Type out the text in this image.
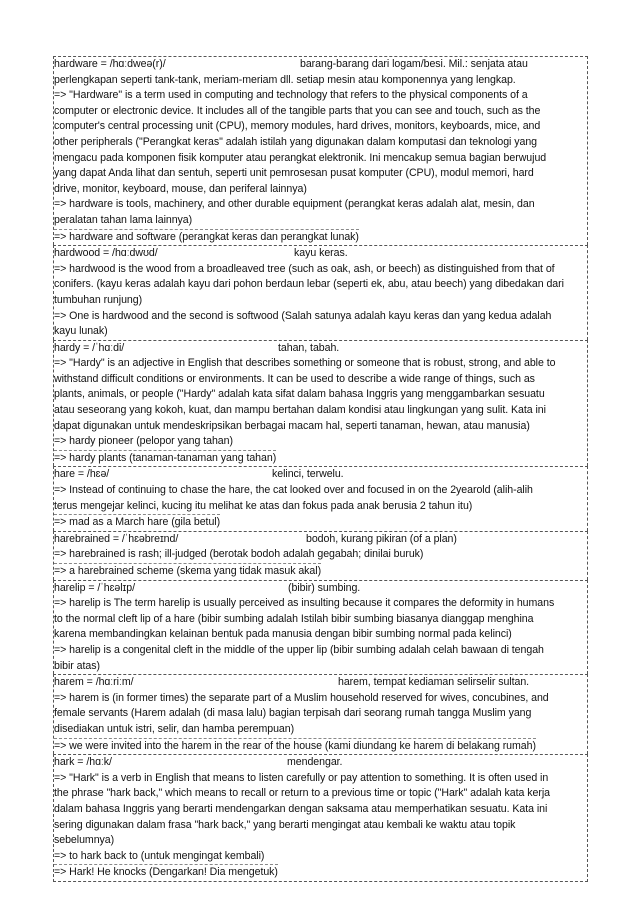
hardware = /hɑːdweə(r)/	barang-barang dari logam/besi. Mil.: senjata atau
perlengkapan seperti tank-tank, meriam-meriam dll. setiap mesin atau komponennya yang lengkap.
=> "Hardware" is a term used in computing and technology that refers to the physical components of a
computer or electronic device. It includes all of the tangible parts that you can see and touch, such as the
computer's central processing unit (CPU), memory modules, hard drives, monitors, keyboards, mice, and
other peripherals ("Perangkat keras" adalah istilah yang digunakan dalam komputasi dan teknologi yang
mengacu pada komponen fisik komputer atau perangkat elektronik. Ini mencakup semua bagian berwujud
yang dapat Anda lihat dan sentuh, seperti unit pemrosesan pusat komputer (CPU), modul memori, hard
drive, monitor, keyboard, mouse, dan periferal lainnya)
=> hardware is tools, machinery, and other durable equipment (perangkat keras adalah alat, mesin, dan
peralatan tahan lama lainnya)
=> hardware and software (perangkat keras dan perangkat lunak)
hardwood = /hɑːdwʊd/	kayu keras.
=> hardwood is the wood from a broadleaved tree (such as oak, ash, or beech) as distinguished from that of
conifers. (kayu keras adalah kayu dari pohon berdaun lebar (seperti ek, abu, atau beech) yang dibedakan dari
tumbuhan runjung)
=> One is hardwood and the second is softwood (Salah satunya adalah kayu keras dan yang kedua adalah
kayu lunak)
hardy = /ˈhɑːdi/	tahan, tabah.
=> "Hardy" is an adjective in English that describes something or someone that is robust, strong, and able to
withstand difficult conditions or environments. It can be used to describe a wide range of things, such as
plants, animals, or people ("Hardy" adalah kata sifat dalam bahasa Inggris yang menggambarkan sesuatu
atau seseorang yang kokoh, kuat, dan mampu bertahan dalam kondisi atau lingkungan yang sulit. Kata ini
dapat digunakan untuk mendeskripsikan berbagai macam hal, seperti tanaman, hewan, atau manusia)
=> hardy pioneer (pelopor yang tahan)
=> hardy plants (tanaman-tanaman yang tahan)
hare = /hɛə/	kelinci, terwelu.
=> Instead of continuing to chase the hare, the cat looked over and focused in on the 2yearold (alih-alih
terus mengejar kelinci, kucing itu melihat ke atas dan fokus pada anak berusia 2 tahun itu)
=> mad as a March hare (gila betul)
harebrained = /ˈhɛəbreɪnd/	bodoh, kurang pikiran (of a plan)
=> harebrained is rash; ill-judged (berotak bodoh adalah gegabah; dinilai buruk)
=> a harebrained scheme (skema yang tidak masuk akal)
harelip = /ˈhɛəlɪp/	(bibir) sumbing.
=> harelip is The term harelip is usually perceived as insulting because it compares the deformity in humans
to the normal cleft lip of a hare (bibir sumbing adalah Istilah bibir sumbing biasanya dianggap menghina
karena membandingkan kelainan bentuk pada manusia dengan bibir sumbing normal pada kelinci)
=> harelip is a congenital cleft in the middle of the upper lip (bibir sumbing adalah celah bawaan di tengah
bibir atas)
harem = /hɑːriːm/	harem, tempat kediaman selirselir sultan.
=> harem is (in former times) the separate part of a Muslim household reserved for wives, concubines, and
female servants (Harem adalah (di masa lalu) bagian terpisah dari seorang rumah tangga Muslim yang
disediakan untuk istri, selir, dan hamba perempuan)
=> we were invited into the harem in the rear of the house (kami diundang ke harem di belakang rumah)
hark = /hɑːk/	mendengar.
=> "Hark" is a verb in English that means to listen carefully or pay attention to something. It is often used in
the phrase "hark back," which means to recall or return to a previous time or topic ("Hark" adalah kata kerja
dalam bahasa Inggris yang berarti mendengarkan dengan saksama atau memperhatikan sesuatu. Kata ini
sering digunakan dalam frasa "hark back," yang berarti mengingat atau kembali ke waktu atau topik
sebelumnya)
=> to hark back to (untuk mengingat kembali)
=> Hark! He knocks (Dengarkan! Dia mengetuk)
